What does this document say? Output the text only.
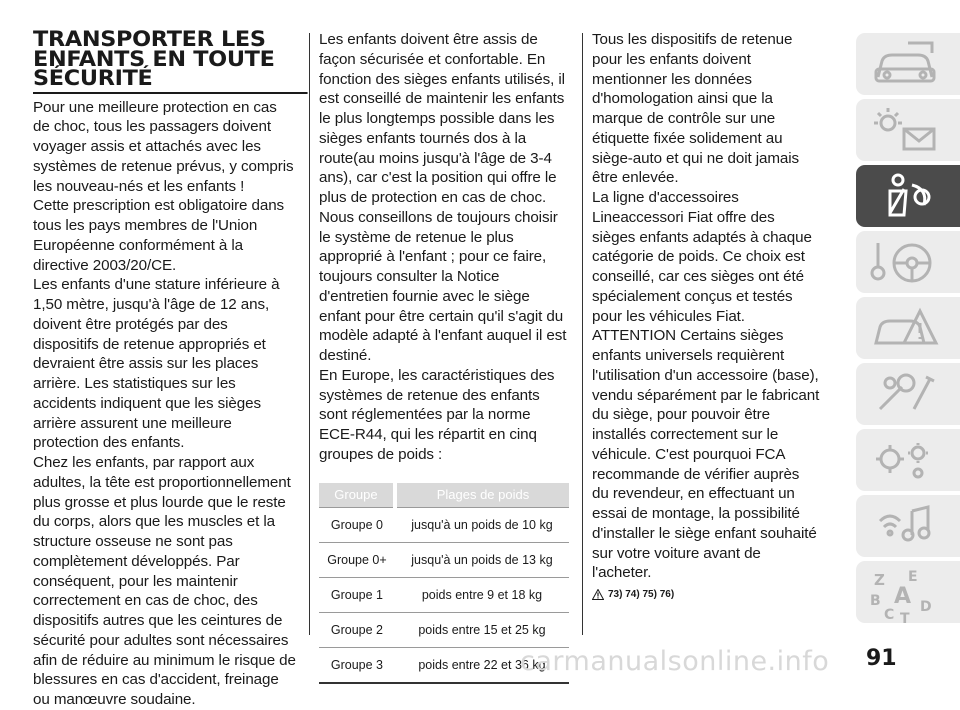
TRANSPORTER LES ENFANTS EN TOUTE SÉCURITÉ

Pour une meilleure protection en cas de choc, tous les passagers doivent voyager assis et attachés avec les systèmes de retenue prévus, y compris les nouveau-nés et les enfants !
Cette prescription est obligatoire dans tous les pays membres de l'Union Européenne conformément à la directive 2003/20/CE.
Les enfants d'une stature inférieure à 1,50 mètre, jusqu'à l'âge de 12 ans, doivent être protégés par des dispositifs de retenue appropriés et devraient être assis sur les places arrière. Les statistiques sur les accidents indiquent que les sièges arrière assurent une meilleure protection des enfants.
Chez les enfants, par rapport aux adultes, la tête est proportionnellement plus grosse et plus lourde que le reste du corps, alors que les muscles et la structure osseuse ne sont pas complètement développés. Par conséquent, pour les maintenir correctement en cas de choc, des dispositifs autres que les ceintures de sécurité pour adultes sont nécessaires afin de réduire au minimum le risque de blessures en cas d'accident, freinage ou manœuvre soudaine.

Les enfants doivent être assis de façon sécurisée et confortable. En fonction des sièges enfants utilisés, il est conseillé de maintenir les enfants le plus longtemps possible dans les sièges enfants tournés dos à la route(au moins jusqu'à l'âge de 3-4 ans), car c'est la position qui offre le plus de protection en cas de choc.
Nous conseillons de toujours choisir le système de retenue le plus approprié à l'enfant ; pour ce faire, toujours consulter la Notice d'entretien fournie avec le siège enfant pour être certain qu'il s'agit du modèle adapté à l'enfant auquel il est destiné.
En Europe, les caractéristiques des systèmes de retenue des enfants sont réglementées par la norme ECE-R44, qui les répartit en cinq groupes de poids :

Groupe	Plages de poids
Groupe 0	jusqu'à un poids de 10 kg
Groupe 0+	jusqu'à un poids de 13 kg
Groupe 1	poids entre 9 et 18 kg
Groupe 2	poids entre 15 et 25 kg
Groupe 3	poids entre 22 et 36 kg

Tous les dispositifs de retenue pour les enfants doivent mentionner les données d'homologation ainsi que la marque de contrôle sur une étiquette fixée solidement au siège-auto et qui ne doit jamais être enlevée.
La ligne d'accessoires Lineaccessori Fiat offre des sièges enfants adaptés à chaque catégorie de poids. Ce choix est conseillé, car ces sièges ont été spécialement conçus et testés pour les véhicules Fiat.
ATTENTION Certains sièges enfants universels requièrent l'utilisation d'un accessoire (base), vendu séparément par le fabricant du siège, pour pouvoir être installés correctement sur le véhicule. C'est pourquoi FCA recommande de vérifier auprès du revendeur, en effectuant un essai de montage, la possibilité d'installer le siège enfant souhaité sur votre voiture avant de l'acheter.

73) 74) 75) 76)
Z E
B A
C D
T
carmanualsonline.info 91
